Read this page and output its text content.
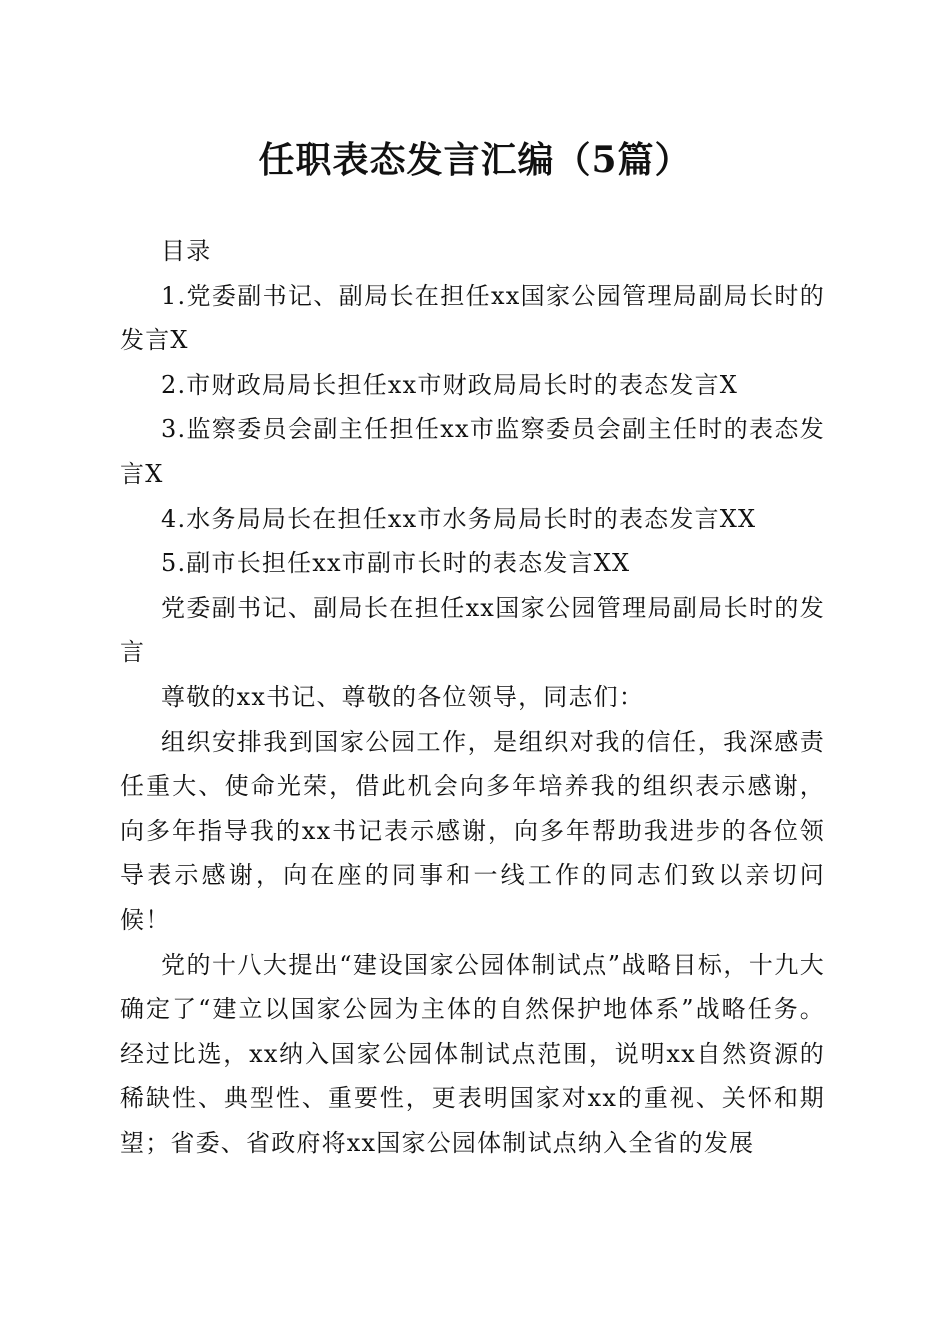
任职表态发言汇编（5篇）

目录

1.党委副书记、副局长在担任xx国家公园管理局副局长时的发言X

2.市财政局局长担任xx市财政局局长时的表态发言X

3.监察委员会副主任担任xx市监察委员会副主任时的表态发言X

4.水务局局长在担任xx市水务局局长时的表态发言XX

5.副市长担任xx市副市长时的表态发言XX

党委副书记、副局长在担任xx国家公园管理局副局长时的发言

尊敬的xx书记、尊敬的各位领导，同志们：

组织安排我到国家公园工作，是组织对我的信任，我深感责任重大、使命光荣，借此机会向多年培养我的组织表示感谢，向多年指导我的xx书记表示感谢，向多年帮助我进步的各位领导表示感谢，向在座的同事和一线工作的同志们致以亲切问候！

党的十八大提出“建设国家公园体制试点”战略目标，十九大确定了“建立以国家公园为主体的自然保护地体系”战略任务。经过比选，xx纳入国家公园体制试点范围，说明xx自然资源的稀缺性、典型性、重要性，更表明国家对xx的重视、关怀和期望；省委、省政府将xx国家公园体制试点纳入全省的发展
